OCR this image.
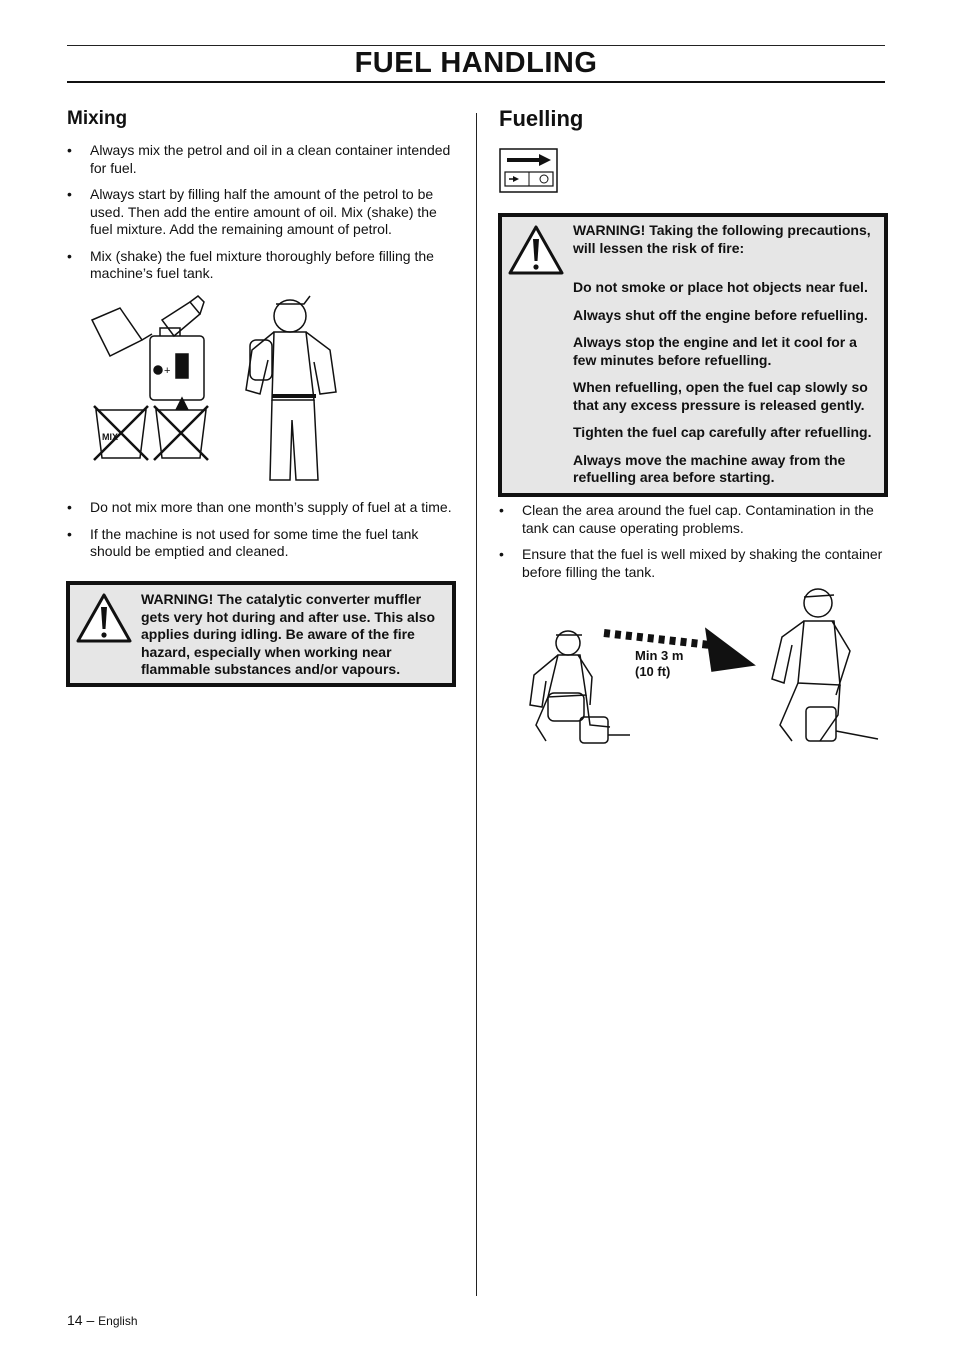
FUEL HANDLING
Mixing
• Always mix the petrol and oil in a clean container intended for fuel.
• Always start by filling half the amount of the petrol to be used. Then add the entire amount of oil. Mix (shake) the fuel mixture. Add the remaining amount of petrol.
• Mix (shake) the fuel mixture thoroughly before filling the machine’s fuel tank.
+
MIX
• Do not mix more than one month’s supply of fuel at a time.
• If the machine is not used for some time the fuel tank should be emptied and cleaned.

WARNING! The catalytic converter muffler gets very hot during and after use. This also applies during idling. Be aware of the fire hazard, especially when working near flammable substances and/or vapours.

Fuelling

WARNING! Taking the following precautions, will lessen the risk of fire:

Do not smoke or place hot objects near fuel.

Always shut off the engine before refuelling.

Always stop the engine and let it cool for a few minutes before refuelling.

When refuelling, open the fuel cap slowly so that any excess pressure is released gently.

Tighten the fuel cap carefully after refuelling.

Always move the machine away from the refuelling area before starting.

• Clean the area around the fuel cap. Contamination in the tank can cause operating problems.
• Ensure that the fuel is well mixed by shaking the container before filling the tank.
Min 3 m
(10 ft)
14 – English
